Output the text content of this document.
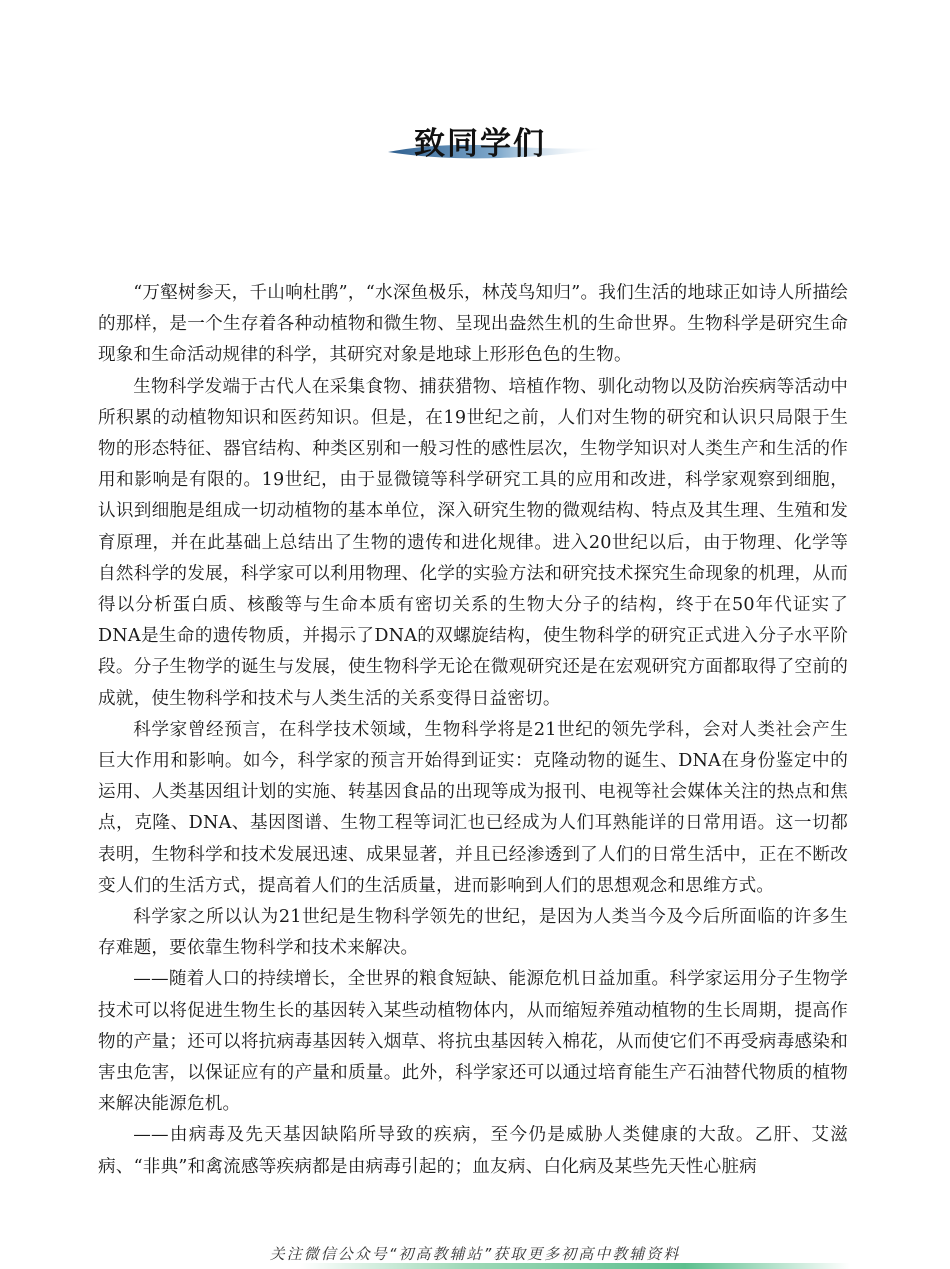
致同学们

“万壑树参天，千山响杜鹃”，“水深鱼极乐，林茂鸟知归”。我们生活的地球正如诗人所描绘的那样，是一个生存着各种动植物和微生物、呈现出盎然生机的生命世界。生物科学是研究生命现象和生命活动规律的科学，其研究对象是地球上形形色色的生物。

生物科学发端于古代人在采集食物、捕获猎物、培植作物、驯化动物以及防治疾病等活动中所积累的动植物知识和医药知识。但是，在19世纪之前，人们对生物的研究和认识只局限于生物的形态特征、器官结构、种类区别和一般习性的感性层次，生物学知识对人类生产和生活的作用和影响是有限的。19世纪，由于显微镜等科学研究工具的应用和改进，科学家观察到细胞，认识到细胞是组成一切动植物的基本单位，深入研究生物的微观结构、特点及其生理、生殖和发育原理，并在此基础上总结出了生物的遗传和进化规律。进入20世纪以后，由于物理、化学等自然科学的发展，科学家可以利用物理、化学的实验方法和研究技术探究生命现象的机理，从而得以分析蛋白质、核酸等与生命本质有密切关系的生物大分子的结构，终于在50年代证实了DNA是生命的遗传物质，并揭示了DNA的双螺旋结构，使生物科学的研究正式进入分子水平阶段。分子生物学的诞生与发展，使生物科学无论在微观研究还是在宏观研究方面都取得了空前的成就，使生物科学和技术与人类生活的关系变得日益密切。

科学家曾经预言，在科学技术领域，生物科学将是21世纪的领先学科，会对人类社会产生巨大作用和影响。如今，科学家的预言开始得到证实：克隆动物的诞生、DNA在身份鉴定中的运用、人类基因组计划的实施、转基因食品的出现等成为报刊、电视等社会媒体关注的热点和焦点，克隆、DNA、基因图谱、生物工程等词汇也已经成为人们耳熟能详的日常用语。这一切都表明，生物科学和技术发展迅速、成果显著，并且已经渗透到了人们的日常生活中，正在不断改变人们的生活方式，提高着人们的生活质量，进而影响到人们的思想观念和思维方式。

科学家之所以认为21世纪是生物科学领先的世纪，是因为人类当今及今后所面临的许多生存难题，要依靠生物科学和技术来解决。

——随着人口的持续增长，全世界的粮食短缺、能源危机日益加重。科学家运用分子生物学技术可以将促进生物生长的基因转入某些动植物体内，从而缩短养殖动植物的生长周期，提高作物的产量；还可以将抗病毒基因转入烟草、将抗虫基因转入棉花，从而使它们不再受病毒感染和害虫危害，以保证应有的产量和质量。此外，科学家还可以通过培育能生产石油替代物质的植物来解决能源危机。

——由病毒及先天基因缺陷所导致的疾病，至今仍是威胁人类健康的大敌。乙肝、艾滋病、“非典”和禽流感等疾病都是由病毒引起的；血友病、白化病及某些先天性心脏病

关注微信公众号“初高教辅站”获取更多初高中教辅资料
